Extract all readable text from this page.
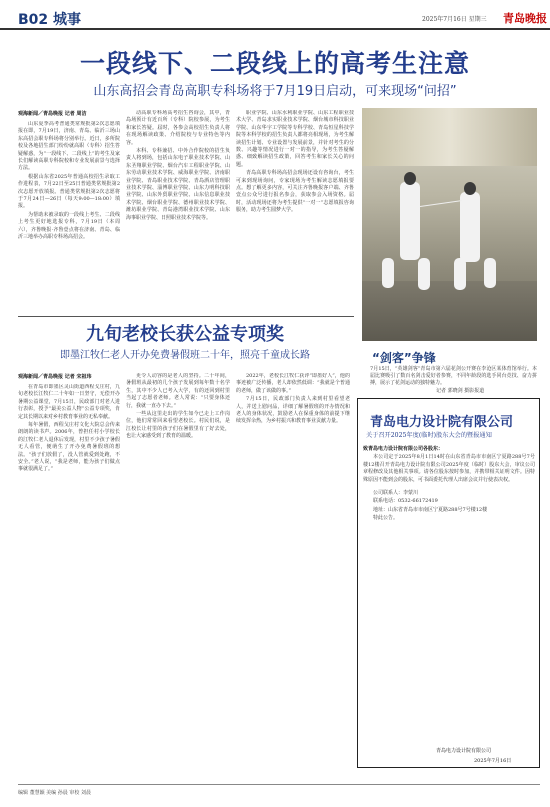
B02 城事	2025年7月16日 星期三 青岛晚报
一段线下、二段线上的高考生注意
山东高招会青岛高职专科场将于7月19日启动，可来现场“问招”
观海新闻／青岛晚报 记者 周洁

山东夏季高考普通类常规批第2次志愿填报在即，7月19日，济南、青岛、临沂三场山东高招会职专科场将分别举行。近日，多所院校及各地招生部门纷纷就高职（专科）招生答疑解惑，为“一段线下、二段线上”的考生及家长们解读高职专科院校和专业发展前景与选择方法。

根据山东省2025年普通高校招生录取工作进程表，7月22日至25日普通类常规批第2次志愿开放填报。普通类常规批第2次志愿将于7月24日—26日（每天9:00—18:00）填报。

为帮助未被录取的一段线上考生、二段线上考生更好地选报专科，7月19日（本周六），齐鲁晚报·齐鲁壹点将在济南、青岛、临沂三地举办高职专科场高招会。

动高职专科场高考招生咨询会，其中，青岛场预计有近百所（专科）院校参展，为考生和家长答疑。届时，各参会高校招生负责人将在现场解读政策、介绍院校与专业特色等内容。

本科、专科兼招、中外合作院校的招生负责人将到场，包括山东电子职业技术学院、山东圣翔职业学院、烟台汽车工程职业学院、山东劳动职业技术学院、威海职业学院、济南职业学院、青岛职业技术学院、青岛酒店管理职业技术学院、淄博职业学院、山东力明科技职业学院、山东外贸职业学院、山东信息职业技术学院、烟台职业学院、德州职业技术学院、潍坊职业学院、青岛港湾职业技术学院、山东海事职业学院、日照职业技术学院等。

职业学院、山东水利职业学院、山东工程职业技术大学、青岛求实职业技术学院、烟台城市科技职业学院、山东华宇工学院等专科学校、青岛恒星科技学院等本科学校的招生负责人都将亮相现场，为考生解读招生计划、专业设置与发展前景，并针对考生的分数、兴趣等情况进行一对一的指导，为考生答疑解惑、细致解读招生政策，回答考生和家长关心的问题。

青岛高职专科场高招会现场还设有咨询台，考生可来到现场询问，专家现场为考生解读志愿填报要点。想了解更多内容，可关注齐鲁晚报客户端、齐鲁壹点公众号进行报名参会，获取参会入场资格。届时，活动现场还将为考生提供“一对一”志愿填报咨询服务，助力考生圆梦大学。

“剑客”争锋
7月15日，“英雄剑客”青岛市第六届花剑公开赛在李沧区某体育馆举行。本届比赛吸引了数百名剑击爱好者参赛，不同年龄段的选手同台竞技、奋力拼搏，展示了花剑运动的独特魅力。
记者 郭晓剑 摄影报道
九旬老校长获公益专项奖
即墨江牧仁老人开办免费暑假班二十年，照亮千童成长路
观海新闻／青岛晚报 记者 宋祖玮

在青岛市即墨区灵山街道西程戈庄村，九旬老校长江牧仁二十年如一日坚守，无偿开办暑期公益课堂，7月15日，民政部门对老人进行表彰，授予“最美公益人物”公益专项奖，肯定其长期以来对乡村教育事业的无私奉献。

每年暑假，西程戈庄村文化大院总会传来朗朗的读书声。2006年，曾担任村小学校长的江牧仁老人退休后发现，村里不少孩子暑假无人看管，便萌生了开办免费暑假班的想法。“孩子们放假了，没人管就爱到处跑，不安全。”老人说，“我是老师，能为孩子们做点事就很满足了。”

更令人动容的是老人的坚持。二十年间，暑假班从最初的几个孩子发展到每年数十名学生，其中不少人已考入大学，有的还回到村里当起了志愿者老师。老人常说：“只要身体还行，我就一直办下去。”

一些从这里走出的学生如今已走上工作岗位，他们常常回来看望老校长。村民们说，是江校长让村里的孩子们在暑假里有了好去处，也让大家感受到了教育的温暖。

2022年，老校长江牧仁获评“即墨好人”，他的事迹被广泛传播，老人却依然低调：“我就是个普通的老师，做了该做的事。”

7月15日，民政部门负责人来到村里看望老人，并送上慰问品，详细了解暑假班的开办情况和老人的身体状况，鼓励老人在保重身体的前提下继续发挥余热，为乡村振兴和教育事业贡献力量。	青岛电力设计院有限公司
关于召开2025年度(临时)股东大会的暨报通知

致青岛电力设计院有限公司各股东：

本公司定于2025年8月1日14时在山东省青岛市市南区宁夏路288号7号楼12楼召开青岛电力设计院有限公司2025年度（临时）股东大会，审议公司章程修改及其他相关事项。请各位股东按时参加，并携带相关证明文件。因特殊原因不能到会的股东，可书面委托代理人出席会议并行使表决权。

公司联系人：李蒙川

联系电话：0532-66172419

地址：山东省青岛市市南区宁夏路288号7号楼12楼

特此公告。

青岛电力设计院有限公司
2025年7月16日
编辑 董慧颖 美编 孙晨 审校 刘晨
